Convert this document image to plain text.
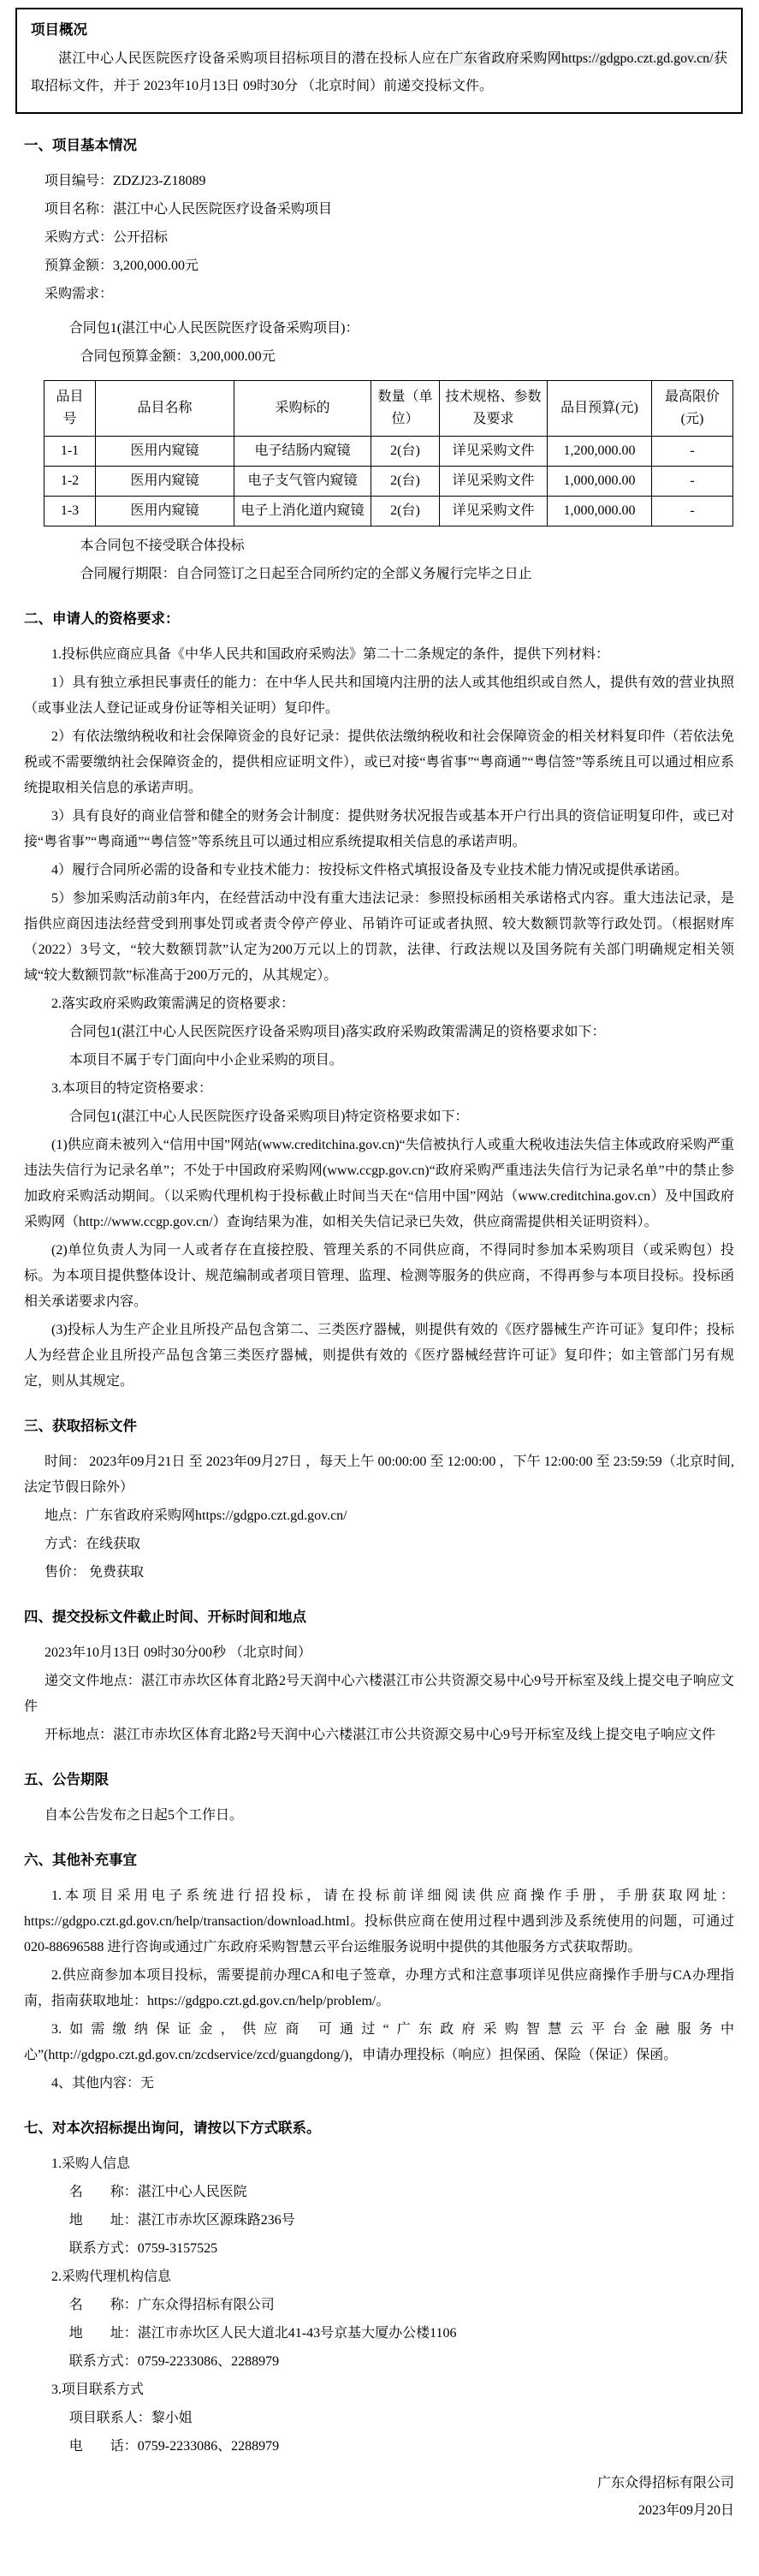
项目概况

湛江中心人民医院医疗设备采购项目招标项目的潜在投标人应在广东省政府采购网https://gdgpo.czt.gd.gov.cn/获取招标文件，并于 2023年10月13日 09时30分 （北京时间）前递交投标文件。

一、项目基本情况

项目编号：ZDZJ23-Z18089

项目名称：湛江中心人民医院医疗设备采购项目

采购方式：公开招标

预算金额：3,200,000.00元

采购需求：

合同包1(湛江中心人民医院医疗设备采购项目)：

合同包预算金额：3,200,000.00元

品目号	品目名称	采购标的	数量（单位）	技术规格、参数及要求	品目预算(元)	最高限价(元)
1-1	医用内窥镜	电子结肠内窥镜	2(台)	详见采购文件	1,200,000.00	-
1-2	医用内窥镜	电子支气管内窥镜	2(台)	详见采购文件	1,000,000.00	-
1-3	医用内窥镜	电子上消化道内窥镜	2(台)	详见采购文件	1,000,000.00	-

本合同包不接受联合体投标

合同履行期限：自合同签订之日起至合同所约定的全部义务履行完毕之日止

二、申请人的资格要求：

1.投标供应商应具备《中华人民共和国政府采购法》第二十二条规定的条件，提供下列材料：

1）具有独立承担民事责任的能力：在中华人民共和国境内注册的法人或其他组织或自然人，提供有效的营业执照（或事业法人登记证或身份证等相关证明）复印件。

2）有依法缴纳税收和社会保障资金的良好记录：提供依法缴纳税收和社会保障资金的相关材料复印件（若依法免税或不需要缴纳社会保障资金的，提供相应证明文件），或已对接“粤省事”“粤商通”“粤信签”等系统且可以通过相应系统提取相关信息的承诺声明。

3）具有良好的商业信誉和健全的财务会计制度：提供财务状况报告或基本开户行出具的资信证明复印件，或已对接“粤省事”“粤商通”“粤信签”等系统且可以通过相应系统提取相关信息的承诺声明。

4）履行合同所必需的设备和专业技术能力：按投标文件格式填报设备及专业技术能力情况或提供承诺函。

5）参加采购活动前3年内，在经营活动中没有重大违法记录：参照投标函相关承诺格式内容。重大违法记录，是指供应商因违法经营受到刑事处罚或者责令停产停业、吊销许可证或者执照、较大数额罚款等行政处罚。（根据财库（2022）3号文，“较大数额罚款”认定为200万元以上的罚款，法律、行政法规以及国务院有关部门明确规定相关领域“较大数额罚款”标准高于200万元的，从其规定）。

2.落实政府采购政策需满足的资格要求：

合同包1(湛江中心人民医院医疗设备采购项目)落实政府采购政策需满足的资格要求如下：

本项目不属于专门面向中小企业采购的项目。

3.本项目的特定资格要求：

合同包1(湛江中心人民医院医疗设备采购项目)特定资格要求如下：

(1)供应商未被列入“信用中国”网站(www.creditchina.gov.cn)“失信被执行人或重大税收违法失信主体或政府采购严重违法失信行为记录名单”；不处于中国政府采购网(www.ccgp.gov.cn)“政府采购严重违法失信行为记录名单”中的禁止参加政府采购活动期间。（以采购代理机构于投标截止时间当天在“信用中国”网站（www.creditchina.gov.cn）及中国政府采购网（http://www.ccgp.gov.cn/）查询结果为准，如相关失信记录已失效，供应商需提供相关证明资料）。

(2)单位负责人为同一人或者存在直接控股、管理关系的不同供应商，不得同时参加本采购项目（或采购包）投标。为本项目提供整体设计、规范编制或者项目管理、监理、检测等服务的供应商，不得再参与本项目投标。投标函相关承诺要求内容。

(3)投标人为生产企业且所投产品包含第二、三类医疗器械，则提供有效的《医疗器械生产许可证》复印件；投标人为经营企业且所投产品包含第三类医疗器械，则提供有效的《医疗器械经营许可证》复印件；如主管部门另有规定，则从其规定。

三、获取招标文件

时间： 2023年09月21日 至 2023年09月27日 ，每天上午 00:00:00 至 12:00:00 ，下午 12:00:00 至 23:59:59（北京时间,法定节假日除外）

地点：广东省政府采购网https://gdgpo.czt.gd.gov.cn/

方式：在线获取

售价： 免费获取

四、提交投标文件截止时间、开标时间和地点

2023年10月13日 09时30分00秒 （北京时间）

递交文件地点：湛江市赤坎区体育北路2号天润中心六楼湛江市公共资源交易中心9号开标室及线上提交电子响应文件

开标地点：湛江市赤坎区体育北路2号天润中心六楼湛江市公共资源交易中心9号开标室及线上提交电子响应文件

五、公告期限

自本公告发布之日起5个工作日。

六、其他补充事宜

1.本项目采用电子系统进行招投标，请在投标前详细阅读供应商操作手册，手册获取网址：https://gdgpo.czt.gd.gov.cn/help/transaction/download.html。投标供应商在使用过程中遇到涉及系统使用的问题，可通过020-88696588 进行咨询或通过广东政府采购智慧云平台运维服务说明中提供的其他服务方式获取帮助。

2.供应商参加本项目投标，需要提前办理CA和电子签章，办理方式和注意事项详见供应商操作手册与CA办理指南，指南获取地址：https://gdgpo.czt.gd.gov.cn/help/problem/。

3.如需缴纳保证金，供应商 可通过“广东政府采购智慧云平台金融服务中心”(http://gdgpo.czt.gd.gov.cn/zcdservice/zcd/guangdong/)，申请办理投标（响应）担保函、保险（保证）保函。

4、其他内容：无

七、对本次招标提出询问，请按以下方式联系。

1.采购人信息

名　　称：湛江中心人民医院

地　　址：湛江市赤坎区源珠路236号

联系方式：0759-3157525

2.采购代理机构信息

名　　称：广东众得招标有限公司

地　　址：湛江市赤坎区人民大道北41-43号京基大厦办公楼1106

联系方式：0759-2233086、2288979

3.项目联系方式

项目联系人：黎小姐

电　　话：0759-2233086、2288979

广东众得招标有限公司

2023年09月20日
